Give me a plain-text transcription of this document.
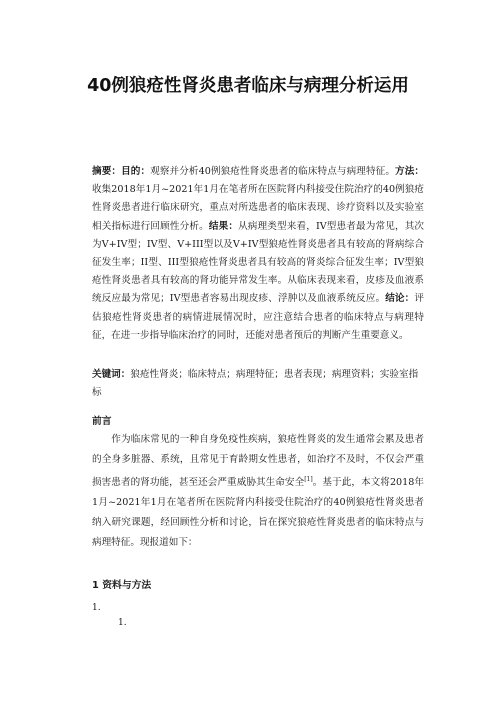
40例狼疮性肾炎患者临床与病理分析运用
摘要：目的：观察并分析40例狼疮性肾炎患者的临床特点与病理特征。方法：收集2018年1月~2021年1月在笔者所在医院肾内科接受住院治疗的40例狼疮性肾炎患者进行临床研究，重点对所选患者的临床表现、诊疗资料以及实验室相关指标进行回顾性分析。结果：从病理类型来看，IV型患者最为常见，其次为V+IV型；IV型、V+III型以及V+IV型狼疮性肾炎患者具有较高的肾病综合征发生率；II型、III型狼疮性肾炎患者具有较高的肾炎综合征发生率；IV型狼疮性肾炎患者具有较高的肾功能异常发生率。从临床表现来看，皮疹及血液系统反应最为常见；IV型患者容易出现皮疹、浮肿以及血液系统反应。结论：评估狼疮性肾炎患者的病情进展情况时，应注意结合患者的临床特点与病理特征，在进一步指导临床治疗的同时，还能对患者预后的判断产生重要意义。
关键词：狼疮性肾炎；临床特点；病理特征；患者表现；病理资料；实验室指标
前言
作为临床常见的一种自身免疫性疾病，狼疮性肾炎的发生通常会累及患者的全身多脏器、系统，且常见于育龄期女性患者，如治疗不及时，不仅会严重损害患者的肾功能，甚至还会严重威胁其生命安全[1]。基于此，本文将2018年1月~2021年1月在笔者所在医院肾内科接受住院治疗的40例狼疮性肾炎患者纳入研究课题，经回顾性分析和讨论，旨在探究狼疮性肾炎患者的临床特点与病理特征。现报道如下：
1 资料与方法
1.
1.
